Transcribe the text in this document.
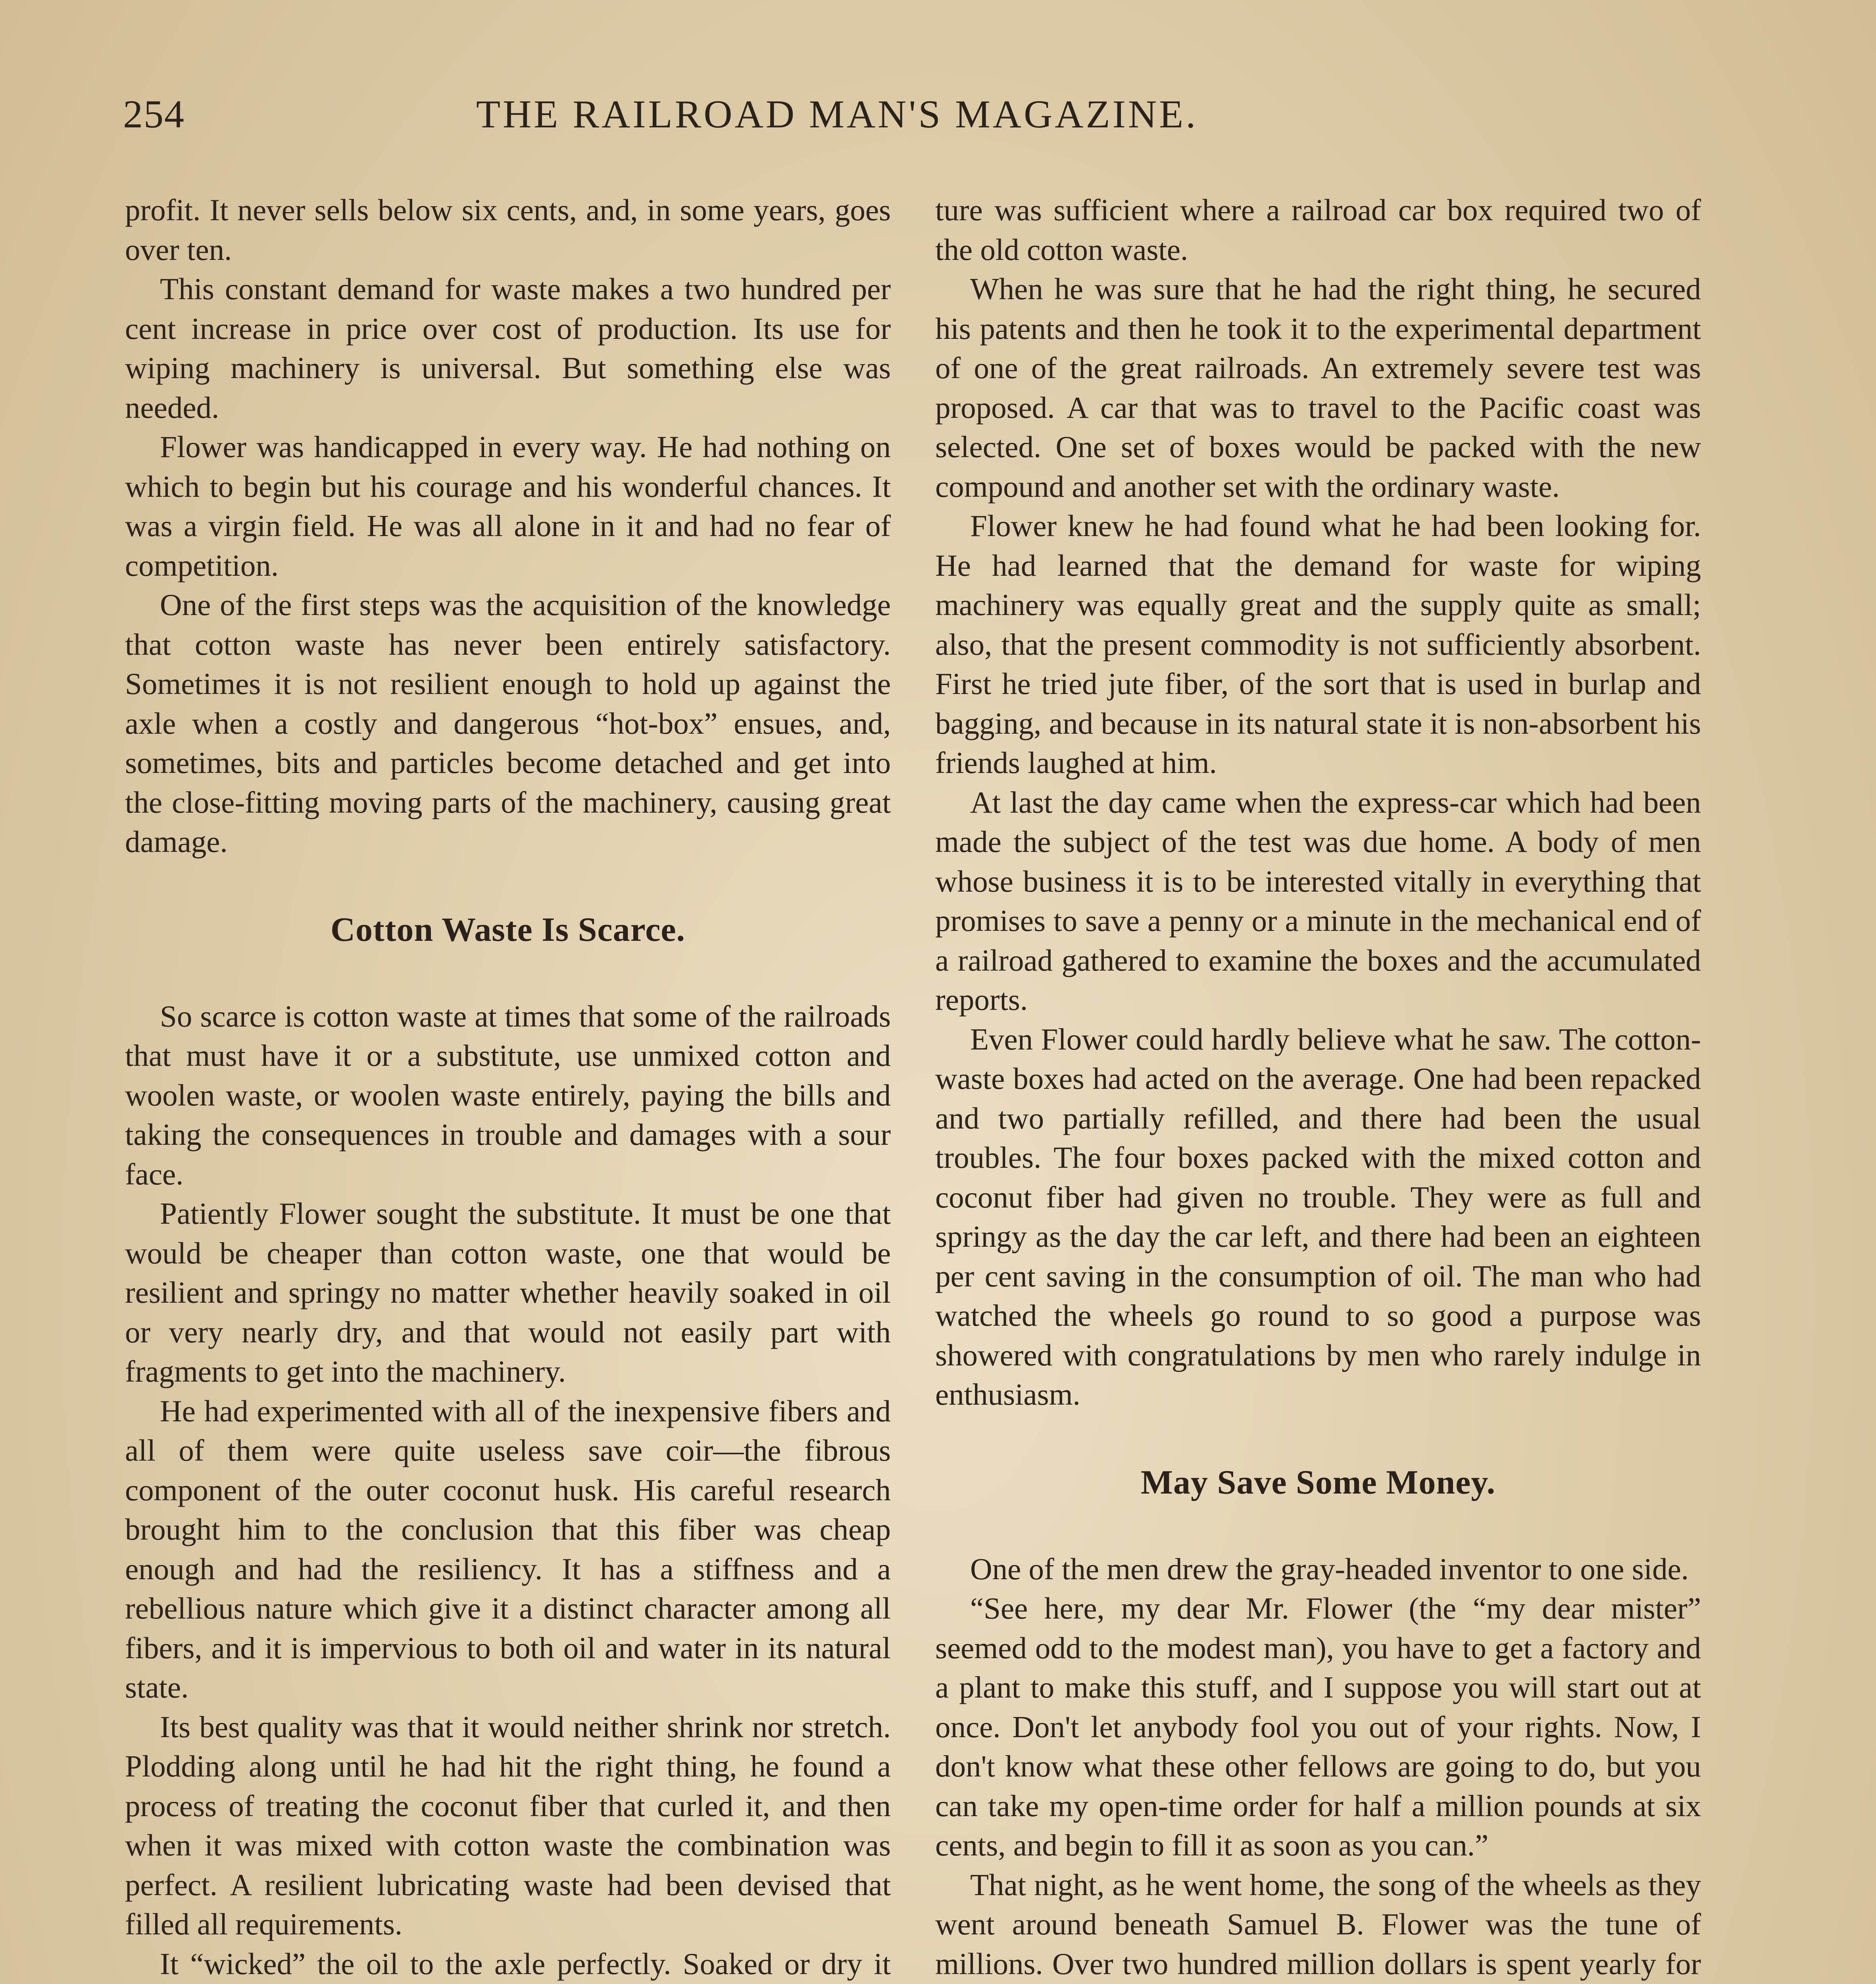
254	THE RAILROAD MAN'S MAGAZINE.

profit. It never sells below six cents, and, in some years, goes over ten.

This constant demand for waste makes a two hundred per cent increase in price over cost of production. Its use for wiping machinery is universal. But something else was needed.

Flower was handicapped in every way. He had nothing on which to begin but his courage and his wonderful chances. It was a virgin field. He was all alone in it and had no fear of competition.

One of the first steps was the acquisition of the knowledge that cotton waste has never been entirely satisfactory. Sometimes it is not resilient enough to hold up against the axle when a costly and dangerous “hot-box” ensues, and, sometimes, bits and particles become detached and get into the close-fitting moving parts of the machinery, causing great damage.

Cotton Waste Is Scarce.

So scarce is cotton waste at times that some of the railroads that must have it or a substitute, use unmixed cotton and woolen waste, or woolen waste entirely, paying the bills and taking the consequences in trouble and damages with a sour face.

Patiently Flower sought the substitute. It must be one that would be cheaper than cotton waste, one that would be resilient and springy no matter whether heavily soaked in oil or very nearly dry, and that would not easily part with fragments to get into the machinery.

He had experimented with all of the inexpensive fibers and all of them were quite useless save coir—the fibrous component of the outer coconut husk. His careful research brought him to the conclusion that this fiber was cheap enough and had the resiliency. It has a stiffness and a rebellious nature which give it a distinct character among all fibers, and it is impervious to both oil and water in its natural state.

Its best quality was that it would neither shrink nor stretch. Plodding along until he had hit the right thing, he found a process of treating the coconut fiber that curled it, and then when it was mixed with cotton waste the combination was perfect. A resilient lubricating waste had been devised that filled all requirements.

It “wicked” the oil to the axle perfectly. Soaked or dry it

ture was sufficient where a railroad car box required two of the old cotton waste.

When he was sure that he had the right thing, he secured his patents and then he took it to the experimental department of one of the great railroads. An extremely severe test was proposed. A car that was to travel to the Pacific coast was selected. One set of boxes would be packed with the new compound and another set with the ordinary waste.

Flower knew he had found what he had been looking for. He had learned that the demand for waste for wiping machinery was equally great and the supply quite as small; also, that the present commodity is not sufficiently absorbent. First he tried jute fiber, of the sort that is used in burlap and bagging, and because in its natural state it is non-absorbent his friends laughed at him.

At last the day came when the express-car which had been made the subject of the test was due home. A body of men whose business it is to be interested vitally in everything that promises to save a penny or a minute in the mechanical end of a railroad gathered to examine the boxes and the accumulated reports.

Even Flower could hardly believe what he saw. The cotton-waste boxes had acted on the average. One had been repacked and two partially refilled, and there had been the usual troubles. The four boxes packed with the mixed cotton and coconut fiber had given no trouble. They were as full and springy as the day the car left, and there had been an eighteen per cent saving in the consumption of oil. The man who had watched the wheels go round to so good a purpose was showered with congratulations by men who rarely indulge in enthusiasm.

May Save Some Money.

One of the men drew the gray-headed inventor to one side.

“See here, my dear Mr. Flower (the “my dear mister” seemed odd to the modest man), you have to get a factory and a plant to make this stuff, and I suppose you will start out at once. Don't let anybody fool you out of your rights. Now, I don't know what these other fellows are going to do, but you can take my open-time order for half a million pounds at six cents, and begin to fill it as soon as you can.”

That night, as he went home, the song of the wheels as they went around beneath Samuel B. Flower was the tune of millions. Over two hundred million dollars is spent yearly for
